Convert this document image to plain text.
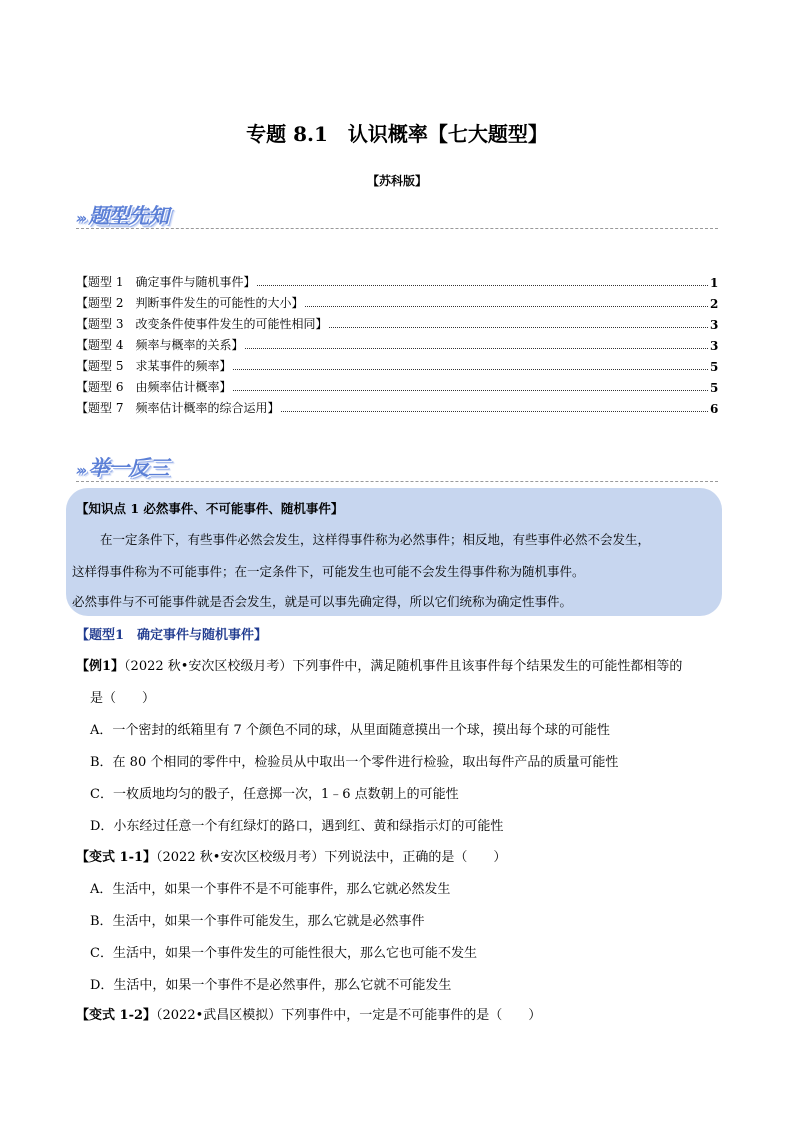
专题 8.1　认识概率【七大题型】
【苏科版】
››› 题型先知
【题型 1　确定事件与随机事件】	1
【题型 2　判断事件发生的可能性的大小】	2
【题型 3　改变条件使事件发生的可能性相同】	3
【题型 4　频率与概率的关系】	3
【题型 5　求某事件的频率】	5
【题型 6　由频率估计概率】	5
【题型 7　频率估计概率的综合运用】	6
››› 举一反三
【知识点 1 必然事件、不可能事件、随机事件】
在一定条件下，有些事件必然会发生，这样得事件称为必然事件；相反地，有些事件必然不会发生，
这样得事件称为不可能事件；在一定条件下，可能发生也可能不会发生得事件称为随机事件。
必然事件与不可能事件就是否会发生，就是可以事先确定得，所以它们统称为确定性事件。
【题型1　确定事件与随机事件】
【例1】（2022 秋•安次区校级月考）下列事件中，满足随机事件且该事件每个结果发生的可能性都相等的
是（　　）
A．一个密封的纸箱里有 7 个颜色不同的球，从里面随意摸出一个球，摸出每个球的可能性
B．在 80 个相同的零件中，检验员从中取出一个零件进行检验，取出每件产品的质量可能性
C．一枚质地均匀的骰子，任意掷一次，1﹣6 点数朝上的可能性
D．小东经过任意一个有红绿灯的路口，遇到红、黄和绿指示灯的可能性
【变式 1-1】（2022 秋•安次区校级月考）下列说法中，正确的是（　　）
A．生活中，如果一个事件不是不可能事件，那么它就必然发生
B．生活中，如果一个事件可能发生，那么它就是必然事件
C．生活中，如果一个事件发生的可能性很大，那么它也可能不发生
D．生活中，如果一个事件不是必然事件，那么它就不可能发生
【变式 1-2】（2022•武昌区模拟）下列事件中，一定是不可能事件的是（　　）
